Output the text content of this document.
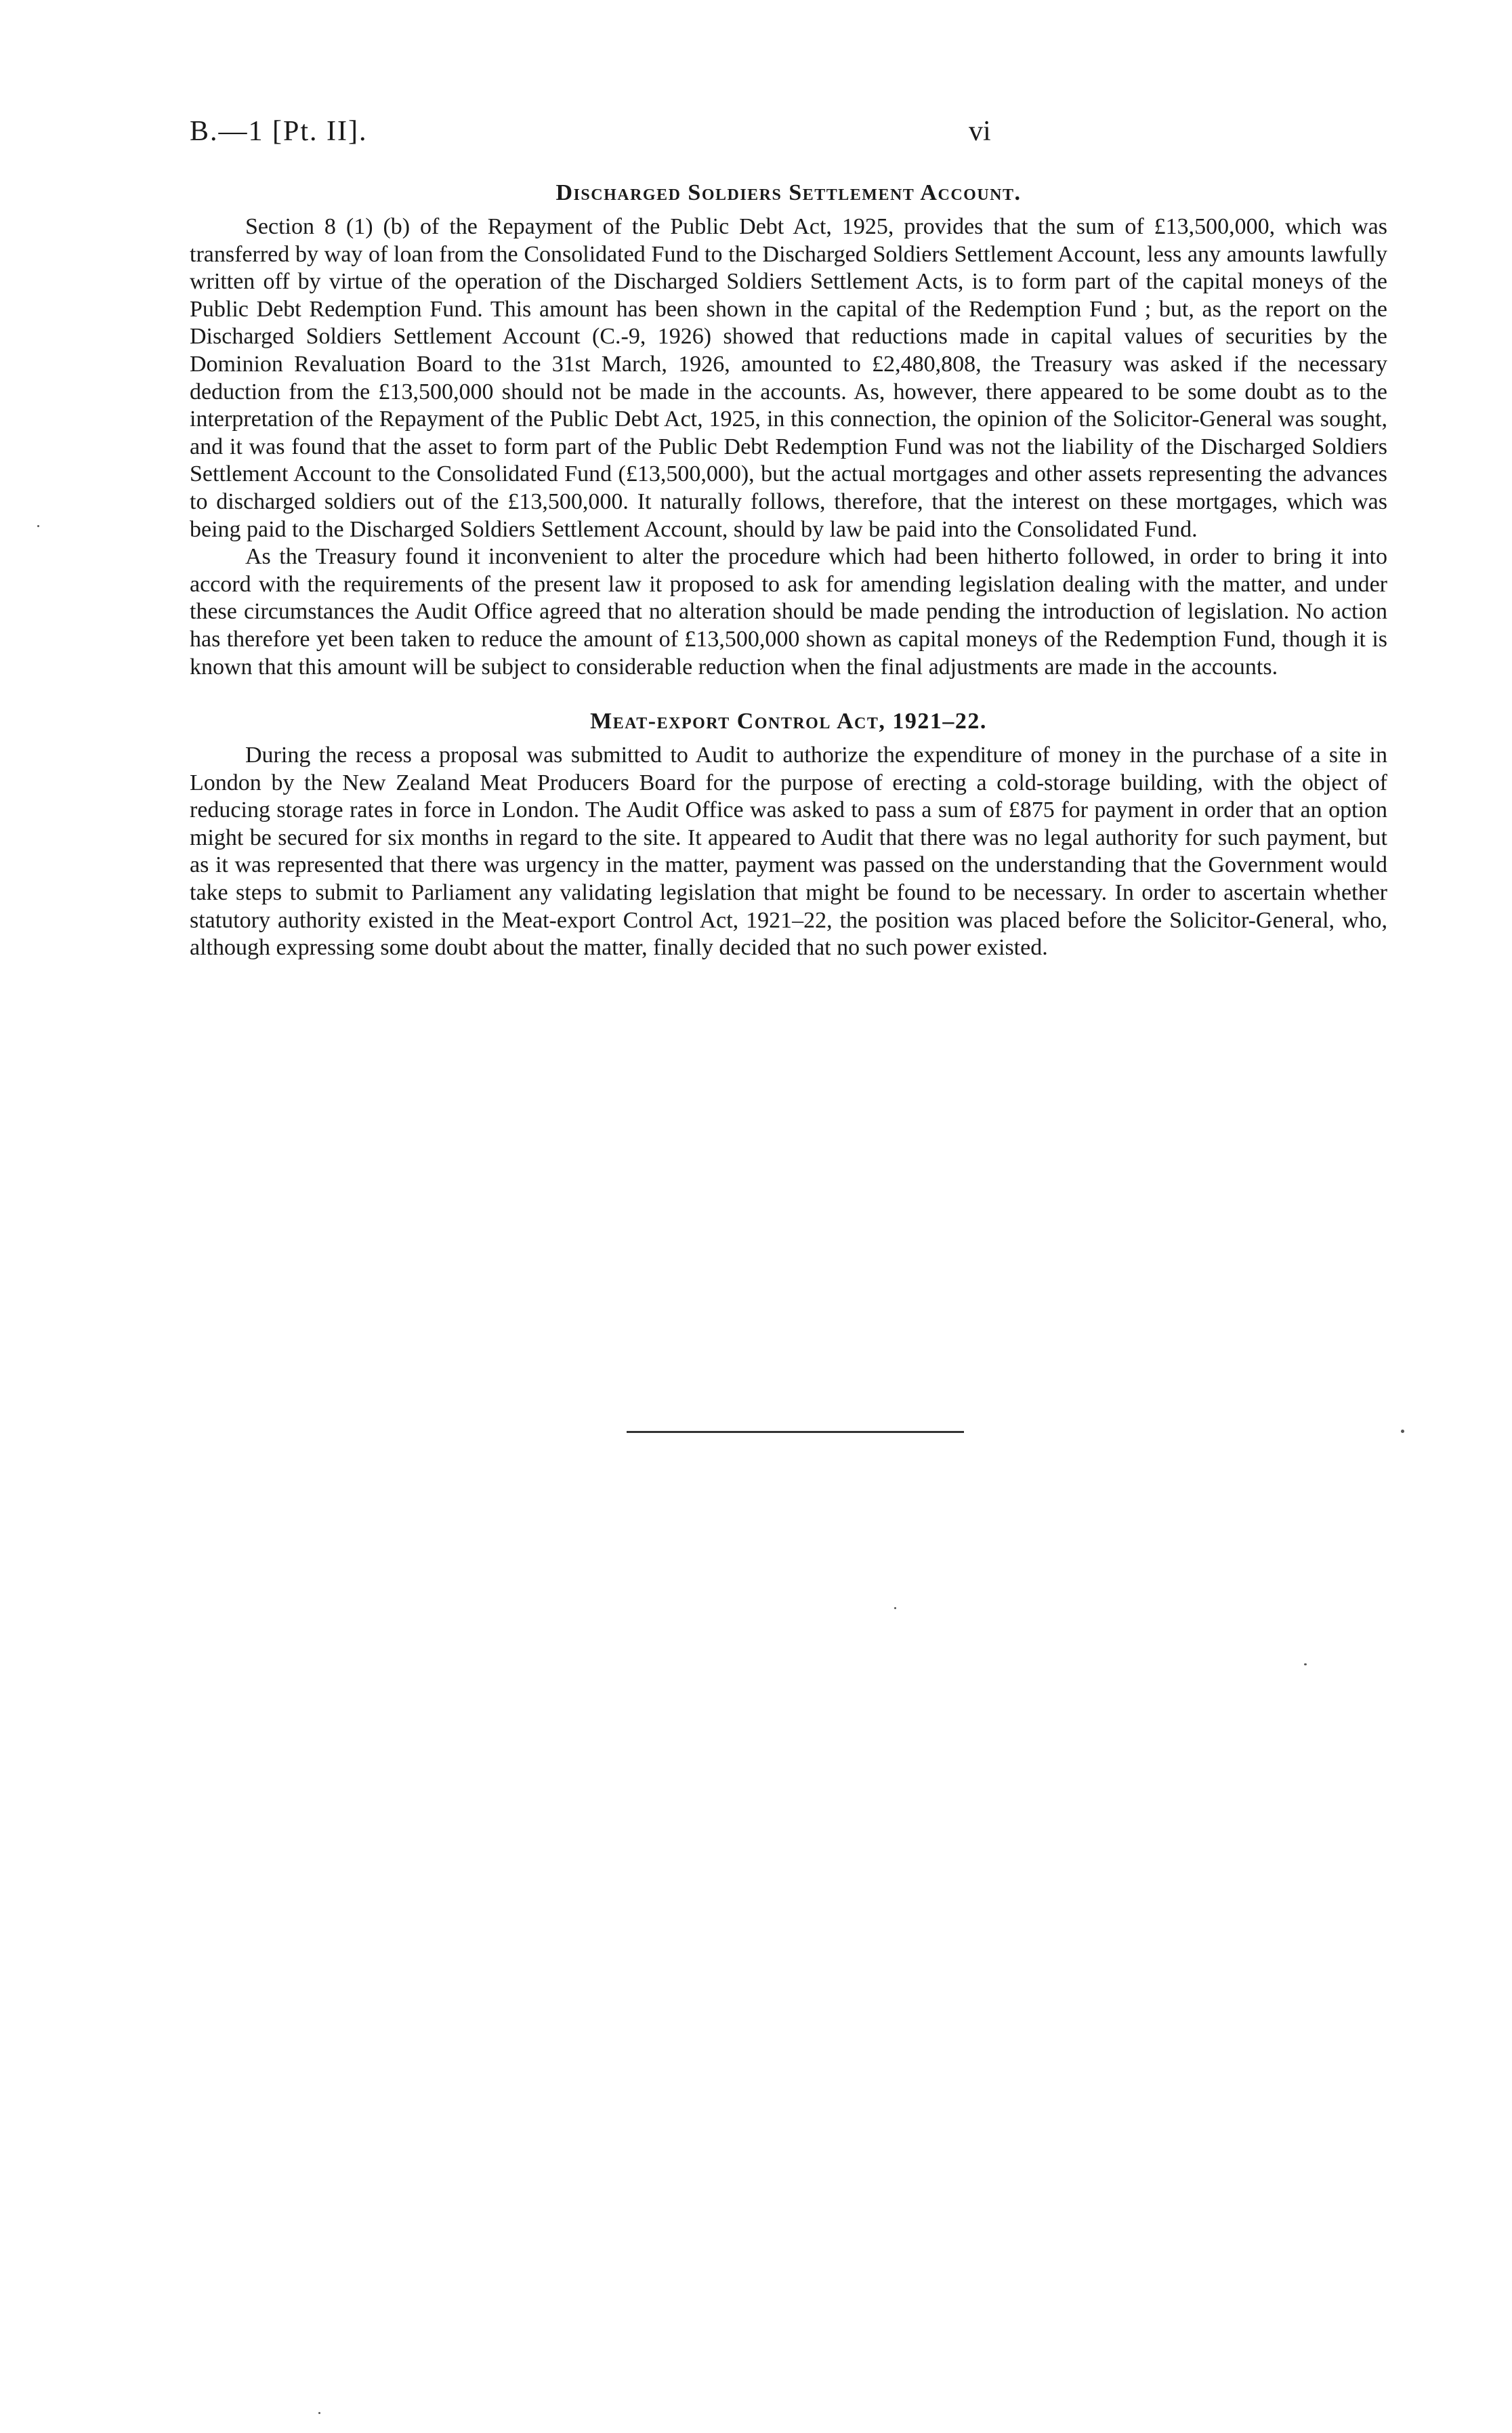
B.—1 [Pt. II].	vi
Discharged Soldiers Settlement Account.

Section 8 (1) (b) of the Repayment of the Public Debt Act, 1925, provides that the sum of £13,500,000, which was transferred by way of loan from the Consolidated Fund to the Discharged Soldiers Settlement Account, less any amounts lawfully written off by virtue of the operation of the Discharged Soldiers Settlement Acts, is to form part of the capital moneys of the Public Debt Redemption Fund. This amount has been shown in the capital of the Redemption Fund ; but, as the report on the Discharged Soldiers Settlement Account (C.-9, 1926) showed that reductions made in capital values of securities by the Dominion Revaluation Board to the 31st March, 1926, amounted to £2,480,808, the Treasury was asked if the necessary deduction from the £13,500,000 should not be made in the accounts. As, however, there appeared to be some doubt as to the interpretation of the Repayment of the Public Debt Act, 1925, in this connection, the opinion of the Solicitor-General was sought, and it was found that the asset to form part of the Public Debt Redemption Fund was not the liability of the Discharged Soldiers Settlement Account to the Consolidated Fund (£13,500,000), but the actual mortgages and other assets representing the advances to discharged soldiers out of the £13,500,000. It naturally follows, therefore, that the interest on these mortgages, which was being paid to the Discharged Soldiers Settlement Account, should by law be paid into the Consolidated Fund.

As the Treasury found it inconvenient to alter the procedure which had been hitherto followed, in order to bring it into accord with the requirements of the present law it proposed to ask for amending legislation dealing with the matter, and under these circumstances the Audit Office agreed that no alteration should be made pending the introduction of legislation. No action has therefore yet been taken to reduce the amount of £13,500,000 shown as capital moneys of the Redemption Fund, though it is known that this amount will be subject to considerable reduction when the final adjustments are made in the accounts.

Meat-export Control Act, 1921–22.

During the recess a proposal was submitted to Audit to authorize the expenditure of money in the purchase of a site in London by the New Zealand Meat Producers Board for the purpose of erecting a cold-storage building, with the object of reducing storage rates in force in London. The Audit Office was asked to pass a sum of £875 for payment in order that an option might be secured for six months in regard to the site. It appeared to Audit that there was no legal authority for such payment, but as it was represented that there was urgency in the matter, payment was passed on the understanding that the Government would take steps to submit to Parliament any validating legislation that might be found to be necessary. In order to ascertain whether statutory authority existed in the Meat-export Control Act, 1921–22, the position was placed before the Solicitor-General, who, although expressing some doubt about the matter, finally decided that no such power existed.
